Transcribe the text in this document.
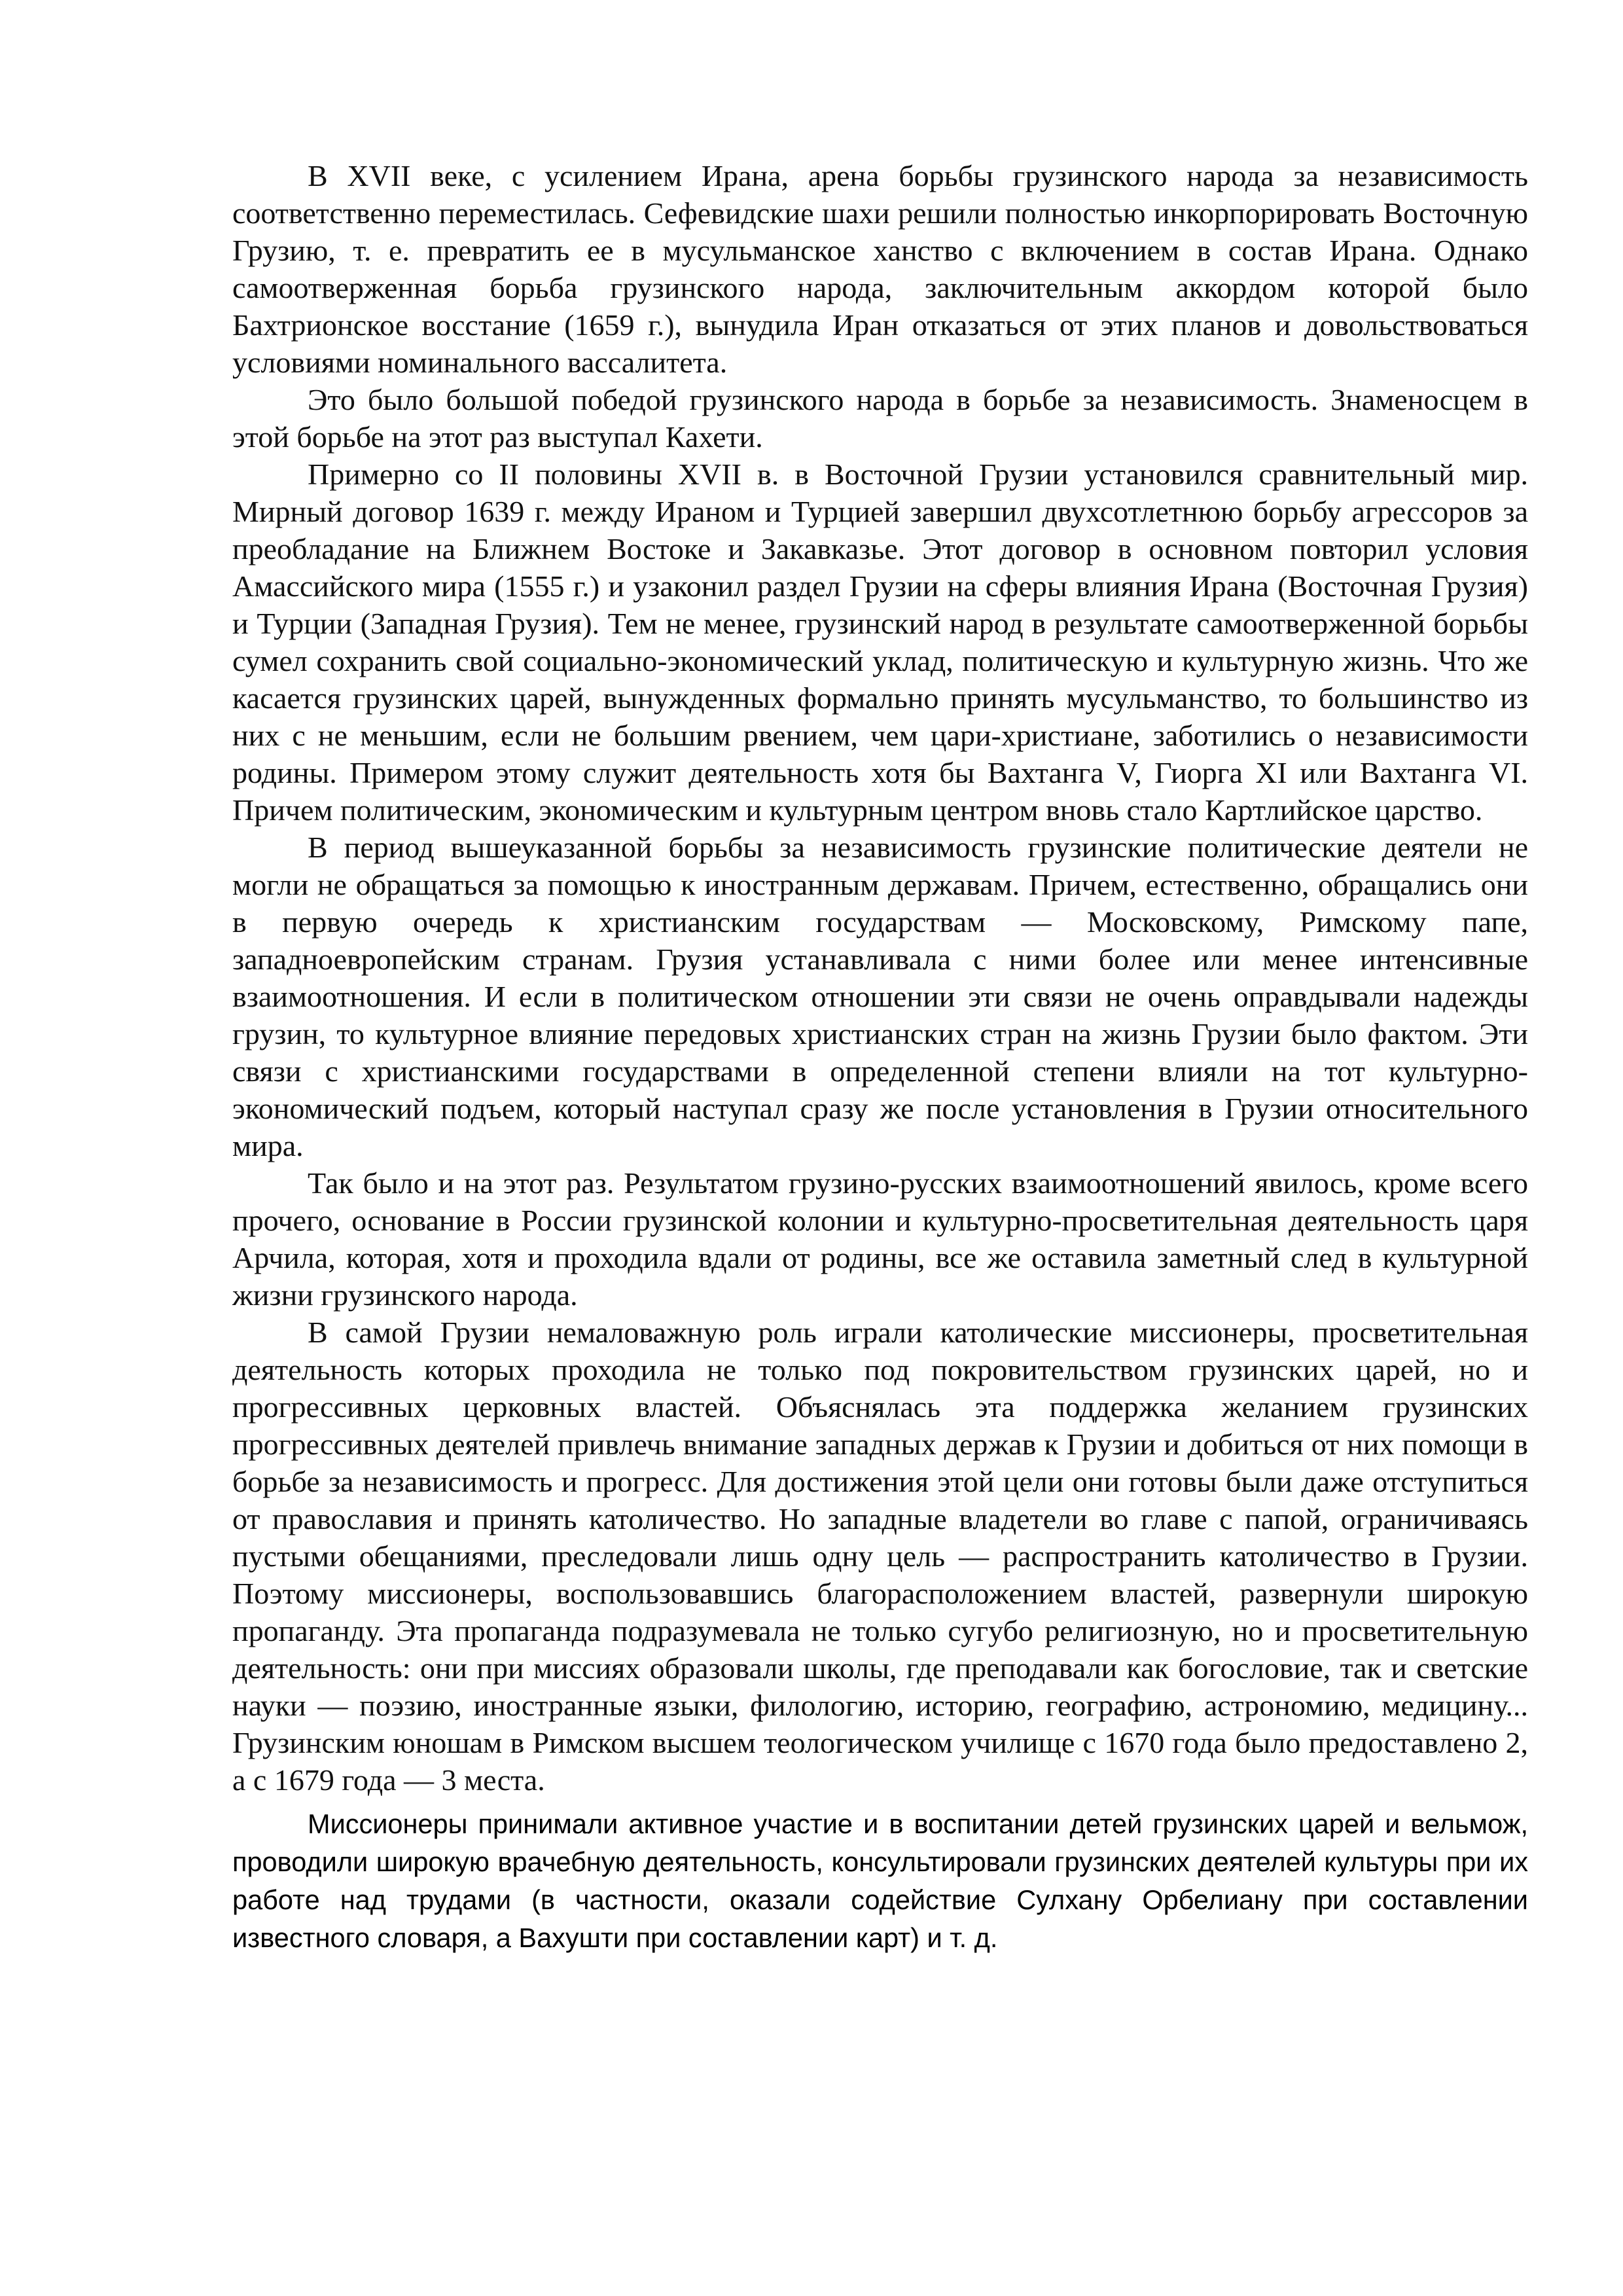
В XVII веке, с усилением Ирана, арена борьбы грузинского народа за независимость соответственно переместилась. Сефевидские шахи решили полностью инкорпорировать Восточную Грузию, т. е. превратить ее в мусульманское ханство с включением в состав Ирана. Однако самоотверженная борьба грузинского народа, заключительным аккордом которой было Бахтрионское восстание (1659 г.), вынудила Иран отказаться от этих планов и довольствоваться условиями номинального вассалитета.

Это было большой победой грузинского народа в борьбе за независимость. Знаменосцем в этой борьбе на этот раз выступал Кахети.

Примерно со II половины XVII в. в Восточной Грузии установился сравнительный мир. Мирный договор 1639 г. между Ираном и Турцией завершил двухсотлетнюю борьбу агрессоров за преобладание на Ближнем Востоке и Закавказье. Этот договор в основном повторил условия Амассийского мира (1555 г.) и узаконил раздел Грузии на сферы влияния Ирана (Восточная Грузия) и Турции (Западная Грузия). Тем не менее, грузинский народ в результате самоотверженной борьбы сумел сохранить свой социально-экономический уклад, политическую и культурную жизнь. Что же касается грузинских царей, вынужденных формально принять мусульманство, то большинство из них с не меньшим, если не большим рвением, чем цари-христиане, заботились о независимости родины. Примером этому служит деятельность хотя бы Вахтанга V, Гиорга XI или Вахтанга VI. Причем политическим, экономическим и культурным центром вновь стало Картлийское царство.

В период вышеуказанной борьбы за независимость грузинские политические деятели не могли не обращаться за помощью к иностранным державам. Причем, естественно, обращались они в первую очередь к христианским государствам — Московскому, Римскому папе, западноевропейским странам. Грузия устанавливала с ними более или менее интенсивные взаимоотношения. И если в политическом отношении эти связи не очень оправдывали надежды грузин, то культурное влияние передовых христианских стран на жизнь Грузии было фактом. Эти связи с христианскими государствами в определенной степени влияли на тот культурно-экономический подъем, который наступал сразу же после установления в Грузии относительного мира.

Так было и на этот раз. Результатом грузино-русских взаимоотношений явилось, кроме всего прочего, основание в России грузинской колонии и культурно-просветительная деятельность царя Арчила, которая, хотя и проходила вдали от родины, все же оставила заметный след в культурной жизни грузинского народа.

В самой Грузии немаловажную роль играли католические миссионеры, просветительная деятельность которых проходила не только под покровительством грузинских царей, но и прогрессивных церковных властей. Объяснялась эта поддержка желанием грузинских прогрессивных деятелей привлечь внимание западных держав к Грузии и добиться от них помощи в борьбе за независимость и прогресс. Для достижения этой цели они готовы были даже отступиться от православия и принять католичество. Но западные владетели во главе с папой, ограничиваясь пустыми обещаниями, преследовали лишь одну цель — распространить католичество в Грузии. Поэтому миссионеры, воспользовавшись благорасположением властей, развернули широкую пропаганду. Эта пропаганда подразумевала не только сугубо религиозную, но и просветительную деятельность: они при миссиях образовали школы, где преподавали как богословие, так и светские науки — поэзию, иностранные языки, филологию, историю, географию, астрономию, медицину... Грузинским юношам в Римском высшем теологическом училище с 1670 года было предоставлено 2, а с 1679 года — 3 места.

Миссионеры принимали активное участие и в воспитании детей грузинских царей и вельмож, проводили широкую врачебную деятельность, консультировали грузинских деятелей культуры при их работе над трудами (в частности, оказали содействие Сулхану Орбелиану при составлении известного словаря, а Вахушти при составлении карт) и т. д.
